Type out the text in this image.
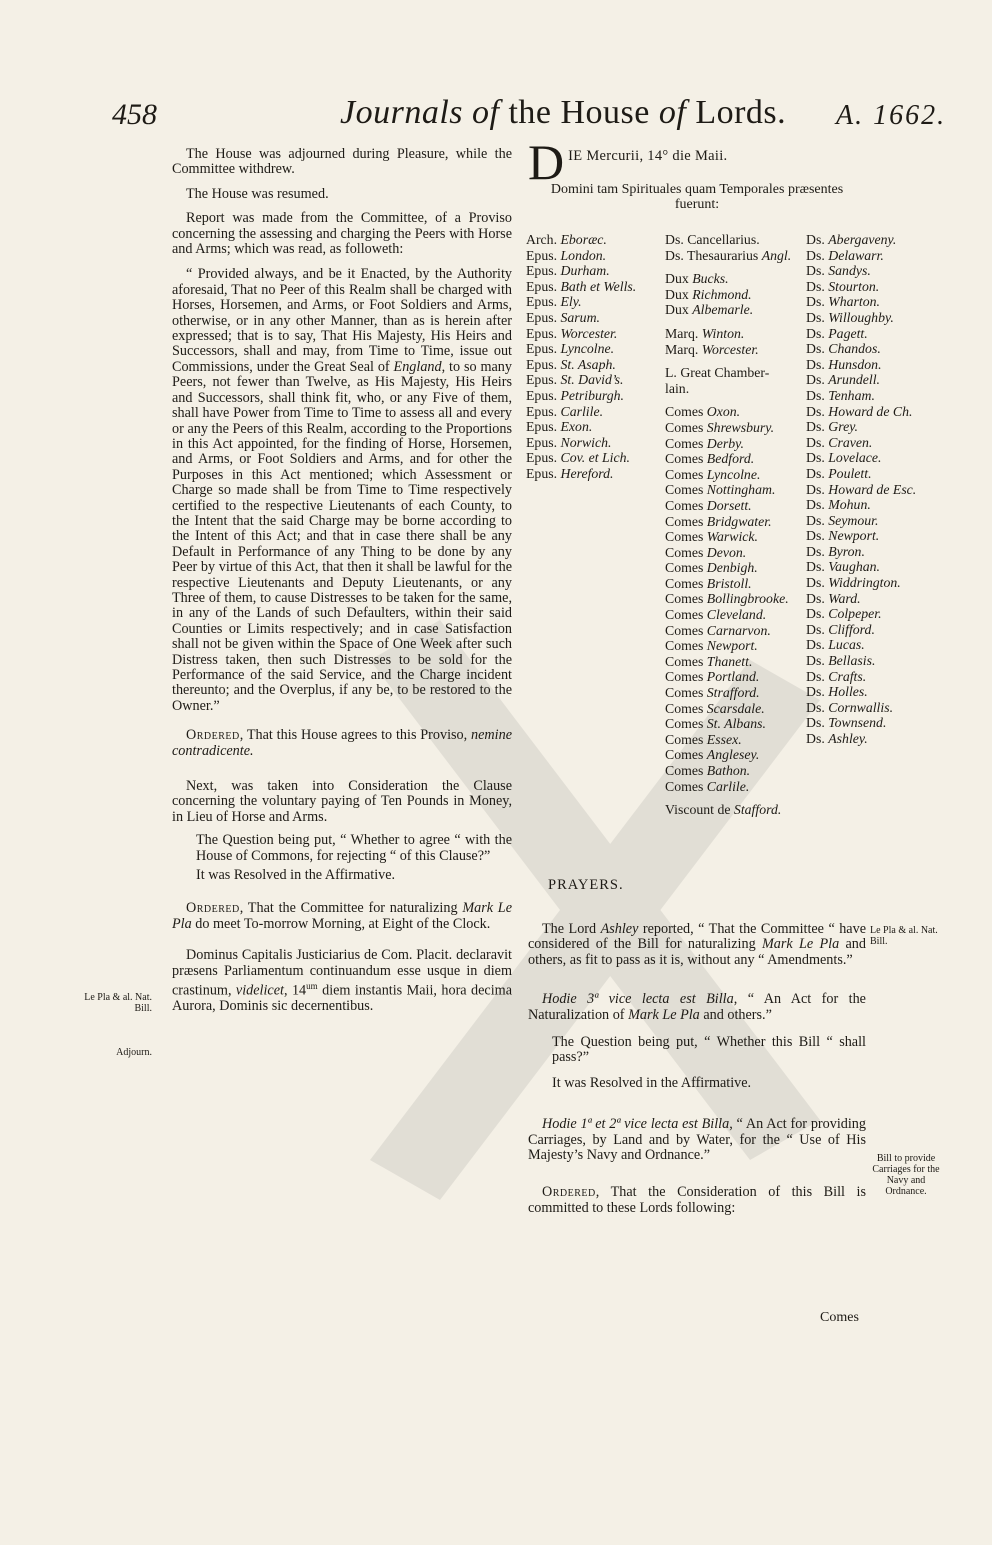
458	Journals of the House of Lords. A. 1662.

The House was adjourned during Pleasure, while the Committee withdrew.

The House was resumed.

Report was made from the Committee, of a Proviso concerning the assessing and charging the Peers with Horse and Arms; which was read, as followeth:

“ Provided always, and be it Enacted, by the Authority aforesaid, That no Peer of this Realm shall be charged with Horses, Horsemen, and Arms, or Foot Soldiers and Arms, otherwise, or in any other Manner, than as is herein after expressed; that is to say, That His Majesty, His Heirs and Successors, shall and may, from Time to Time, issue out Commissions, under the Great Seal of England, to so many Peers, not fewer than Twelve, as His Majesty, His Heirs and Successors, shall think fit, who, or any Five of them, shall have Power from Time to Time to assess all and every or any the Peers of this Realm, according to the Proportions in this Act appointed, for the finding of Horse, Horsemen, and Arms, or Foot Soldiers and Arms, and for other the Purposes in this Act mentioned; which Assessment or Charge so made shall be from Time to Time respectively certified to the respective Lieutenants of each County, to the Intent that the said Charge may be borne according to the Intent of this Act; and that in case there shall be any Default in Performance of any Thing to be done by any Peer by virtue of this Act, that then it shall be lawful for the respective Lieutenants and Deputy Lieutenants, or any Three of them, to cause Distresses to be taken for the same, in any of the Lands of such Defaulters, within their said Counties or Limits respectively; and in case Satisfaction shall not be given within the Space of One Week after such Distress taken, then such Distresses to be sold for the Performance of the said Service, and the Charge incident thereunto; and the Overplus, if any be, to be restored to the Owner.”

Ordered, That this House agrees to this Proviso, nemine contradicente.

Next, was taken into Consideration the Clause concerning the voluntary paying of Ten Pounds in Money, in Lieu of Horse and Arms.

The Question being put, “ Whether to agree “ with the House of Commons, for rejecting “ of this Clause?”

It was Resolved in the Affirmative.

Ordered, That the Committee for naturalizing Mark Le Pla do meet To-morrow Morning, at Eight of the Clock.

Dominus Capitalis Justiciarius de Com. Placit. declaravit præsens Parliamentum continuandum esse usque in diem crastinum, videlicet, $14^{um}$ diem instantis Maii, hora decima Aurora, Dominis sic decernentibus.

Le Pla & al. Nat. Bill.
Adjourn.
D IE Mercurii, 14° die Maii.
Domini tam Spirituales quam Temporales præsentes fuerunt:
Arch. Eboræc.
Epus. London.
Epus. Durham.
Epus. Bath et Wells.
Epus. Ely.
Epus. Sarum.
Epus. Worcester.
Epus. Lyncolne.
Epus. St. Asaph.
Epus. St. David’s.
Epus. Petriburgh.
Epus. Carlile.
Epus. Exon.
Epus. Norwich.
Epus. Cov. et Lich.
Epus. Hereford.
Ds. Cancellarius.
Ds. Thesaurarius Angl.
Dux Bucks.
Dux Richmond.
Dux Albemarle.
Marq. Winton.
Marq. Worcester.
L. Great Chamber-
lain.
Comes Oxon.
Comes Shrewsbury.
Comes Derby.
Comes Bedford.
Comes Lyncolne.
Comes Nottingham.
Comes Dorsett.
Comes Bridgwater.
Comes Warwick.
Comes Devon.
Comes Denbigh.
Comes Bristoll.
Comes Bollingbrooke.
Comes Cleveland.
Comes Carnarvon.
Comes Newport.
Comes Thanett.
Comes Portland.
Comes Strafford.
Comes Scarsdale.
Comes St. Albans.
Comes Essex.
Comes Anglesey.
Comes Bathon.
Comes Carlile.
Viscount de Stafford.
Ds. Abergaveny.
Ds. Delawarr.
Ds. Sandys.
Ds. Stourton.
Ds. Wharton.
Ds. Willoughby.
Ds. Pagett.
Ds. Chandos.
Ds. Hunsdon.
Ds. Arundell.
Ds. Tenham.
Ds. Howard de Ch.
Ds. Grey.
Ds. Craven.
Ds. Lovelace.
Ds. Poulett.
Ds. Howard de Esc.
Ds. Mohun.
Ds. Seymour.
Ds. Newport.
Ds. Byron.
Ds. Vaughan.
Ds. Widdrington.
Ds. Ward.
Ds. Colpeper.
Ds. Clifford.
Ds. Lucas.
Ds. Bellasis.
Ds. Crafts.
Ds. Holles.
Ds. Cornwallis.
Ds. Townsend.
Ds. Ashley.
PRAYERS.

The Lord Ashley reported, “ That the Committee “ have considered of the Bill for naturalizing Mark Le Pla and others, as fit to pass as it is, without any “ Amendments.”

Hodie 3ª vice lecta est Billa, “ An Act for the Naturalization of Mark Le Pla and others.”

The Question being put, “ Whether this Bill “ shall pass?”

It was Resolved in the Affirmative.

Hodie 1ª et 2ª vice lecta est Billa, “ An Act for providing Carriages, by Land and by Water, for the “ Use of His Majesty’s Navy and Ordnance.”

Ordered, That the Consideration of this Bill is committed to these Lords following:

Le Pla & al. Nat. Bill.
Bill to provide Carriages for the Navy and Ordnance.
Comes
